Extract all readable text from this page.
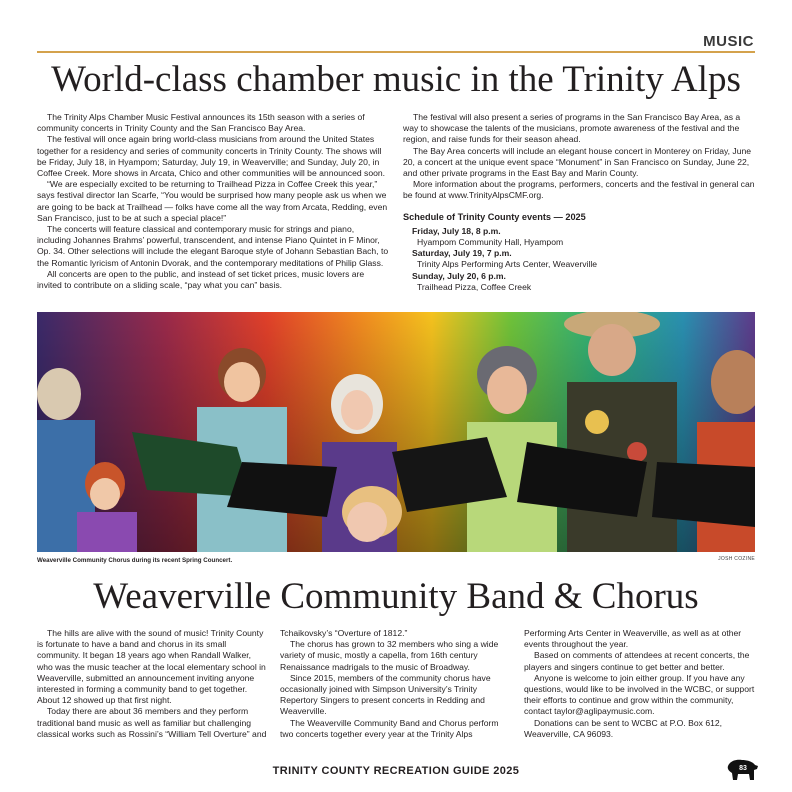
MUSIC
World-class chamber music in the Trinity Alps

The Trinity Alps Chamber Music Festival announces its 15th season with a series of community concerts in Trinity County and the San Francisco Bay Area.

The festival will once again bring world-class musicians from around the United States together for a residency and series of community concerts in Trinity County. The shows will be Friday, July 18, in Hyampom; Saturday, July 19, in Weaverville; and Sunday, July 20, in Coffee Creek. More shows in Arcata, Chico and other communities will be announced soon.

“We are especially excited to be returning to Trailhead Pizza in Coffee Creek this year,” says festival director Ian Scarfe, “You would be surprised how many people ask us when we are going to be back at Trailhead — folks have come all the way from Arcata, Redding, even San Francisco, just to be at such a special place!”

The concerts will feature classical and contemporary music for strings and piano, including Johannes Brahms’ powerful, transcendent, and intense Piano Quintet in F Minor, Op. 34. Other selections will include the elegant Baroque style of Johann Sebastian Bach, to the Romantic lyricism of Antonin Dvorak, and the contemporary meditations of Philip Glass.

All concerts are open to the public, and instead of set ticket prices, music lovers are invited to contribute on a sliding scale, “pay what you can” basis.

The festival will also present a series of programs in the San Francisco Bay Area, as a way to showcase the talents of the musicians, promote awareness of the festival and the region, and raise funds for their season ahead.

The Bay Area concerts will include an elegant house concert in Monterey on Friday, June 20, a concert at the unique event space “Monument” in San Francisco on Sunday, June 22, and other private programs in the East Bay and Marin County.

More information about the programs, performers, concerts and the festival in general can be found at www.TrinityAlpsCMF.org.

Schedule of Trinity County events — 2025
Friday, July 18, 8 p.m.
Hyampom Community Hall, Hyampom
Saturday, July 19, 7 p.m.
Trinity Alps Performing Arts Center, Weaverville
Sunday, July 20, 6 p.m.
Trailhead Pizza, Coffee Creek
Weaverville Community Chorus during its recent Spring Councert.	JOSH COZINE
Weaverville Community Band & Chorus

The hills are alive with the sound of music! Trinity County is fortunate to have a band and chorus in its small community. It began 18 years ago when Randall Walker, who was the music teacher at the local elementary school in Weaverville, submitted an announcement inviting anyone interested in forming a community band to get together. About 12 showed up that first night.

Today there are about 36 members and they perform traditional band music as well as familiar but challenging classical works such as Rossini’s “William Tell Overture” and

Tchaikovsky’s “Overture of 1812.”

The chorus has grown to 32 members who sing a wide variety of music, mostly a capella, from 16th century Renaissance madrigals to the music of Broadway.

Since 2015, members of the community chorus have occasionally joined with Simpson University’s Trinity Repertory Singers to present concerts in Redding and Weaverville.

The Weaverville Community Band and Chorus perform two concerts together every year at the Trinity Alps

Performing Arts Center in Weaverville, as well as at other events throughout the year.

Based on comments of attendees at recent concerts, the players and singers continue to get better and better.

Anyone is welcome to join either group. If you have any questions, would like to be involved in the WCBC, or support their efforts to continue and grow within the community, contact taylor@aglipaymusic.com.

Donations can be sent to WCBC at P.O. Box 612, Weaverville, CA 96093.

TRINITY COUNTY RECREATION GUIDE 2025	83
